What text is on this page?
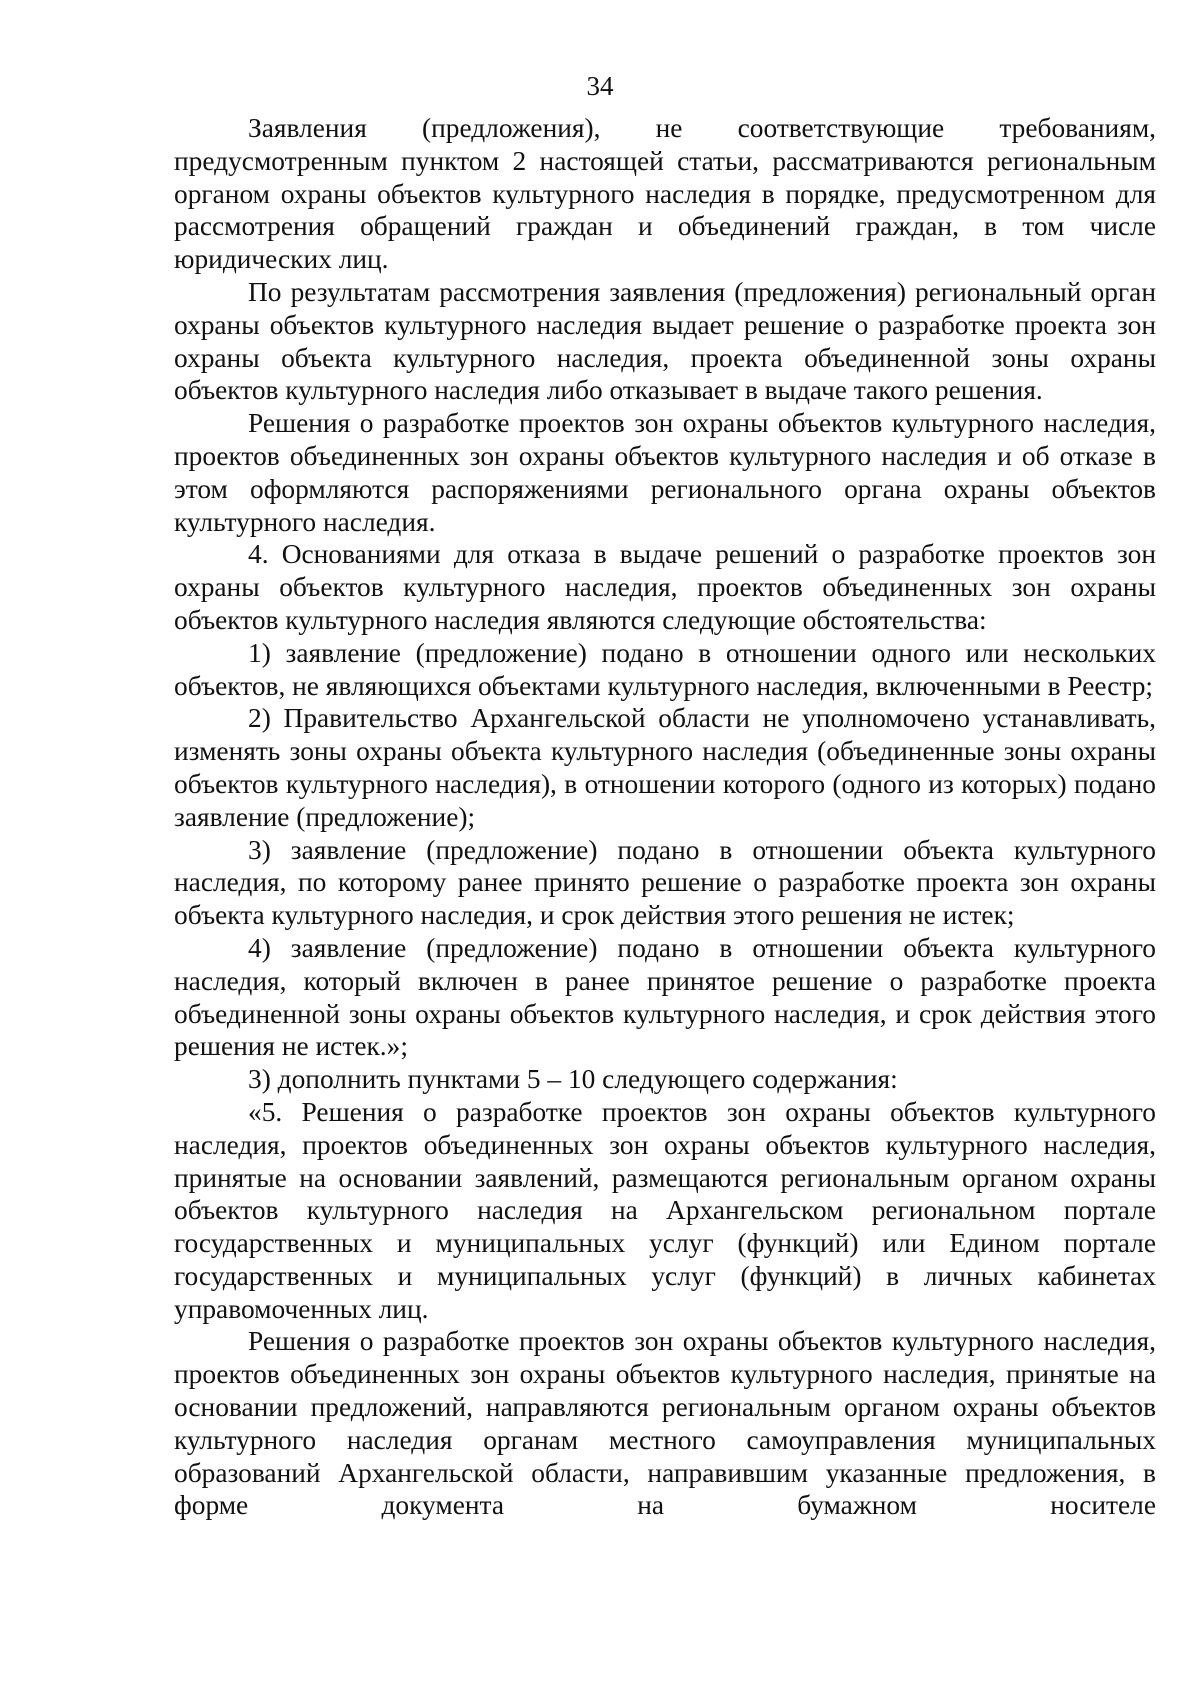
34

Заявления (предложения), не соответствующие требованиям, предусмотренным пунктом 2 настоящей статьи, рассматриваются региональным органом охраны объектов культурного наследия в порядке, предусмотренном для рассмотрения обращений граждан и объединений граждан, в том числе юридических лиц.

По результатам рассмотрения заявления (предложения) региональный орган охраны объектов культурного наследия выдает решение о разработке проекта зон охраны объекта культурного наследия, проекта объединенной зоны охраны объектов культурного наследия либо отказывает в выдаче такого решения.

Решения о разработке проектов зон охраны объектов культурного наследия, проектов объединенных зон охраны объектов культурного наследия и об отказе в этом оформляются распоряжениями регионального органа охраны объектов культурного наследия.

4. Основаниями для отказа в выдаче решений о разработке проектов зон охраны объектов культурного наследия, проектов объединенных зон охраны объектов культурного наследия являются следующие обстоятельства:

1) заявление (предложение) подано в отношении одного или нескольких объектов, не являющихся объектами культурного наследия, включенными в Реестр;

2) Правительство Архангельской области не уполномочено устанавливать, изменять зоны охраны объекта культурного наследия (объединенные зоны охраны объектов культурного наследия), в отношении которого (одного из которых) подано заявление (предложение);

3) заявление (предложение) подано в отношении объекта культурного наследия, по которому ранее принято решение о разработке проекта зон охраны объекта культурного наследия, и срок действия этого решения не истек;

4) заявление (предложение) подано в отношении объекта культурного наследия, который включен в ранее принятое решение о разработке проекта объединенной зоны охраны объектов культурного наследия, и срок действия этого решения не истек.»;

3) дополнить пунктами 5 – 10 следующего содержания:

«5. Решения о разработке проектов зон охраны объектов культурного наследия, проектов объединенных зон охраны объектов культурного наследия, принятые на основании заявлений, размещаются региональным органом охраны объектов культурного наследия на Архангельском региональном портале государственных и муниципальных услуг (функций) или Едином портале государственных и муниципальных услуг (функций) в личных кабинетах управомоченных лиц.

Решения о разработке проектов зон охраны объектов культурного наследия, проектов объединенных зон охраны объектов культурного наследия, принятые на основании предложений, направляются региональным органом охраны объектов культурного наследия органам местного самоуправления муниципальных образований Архангельской области, направившим указанные предложения, в форме документа на бумажном носителе
